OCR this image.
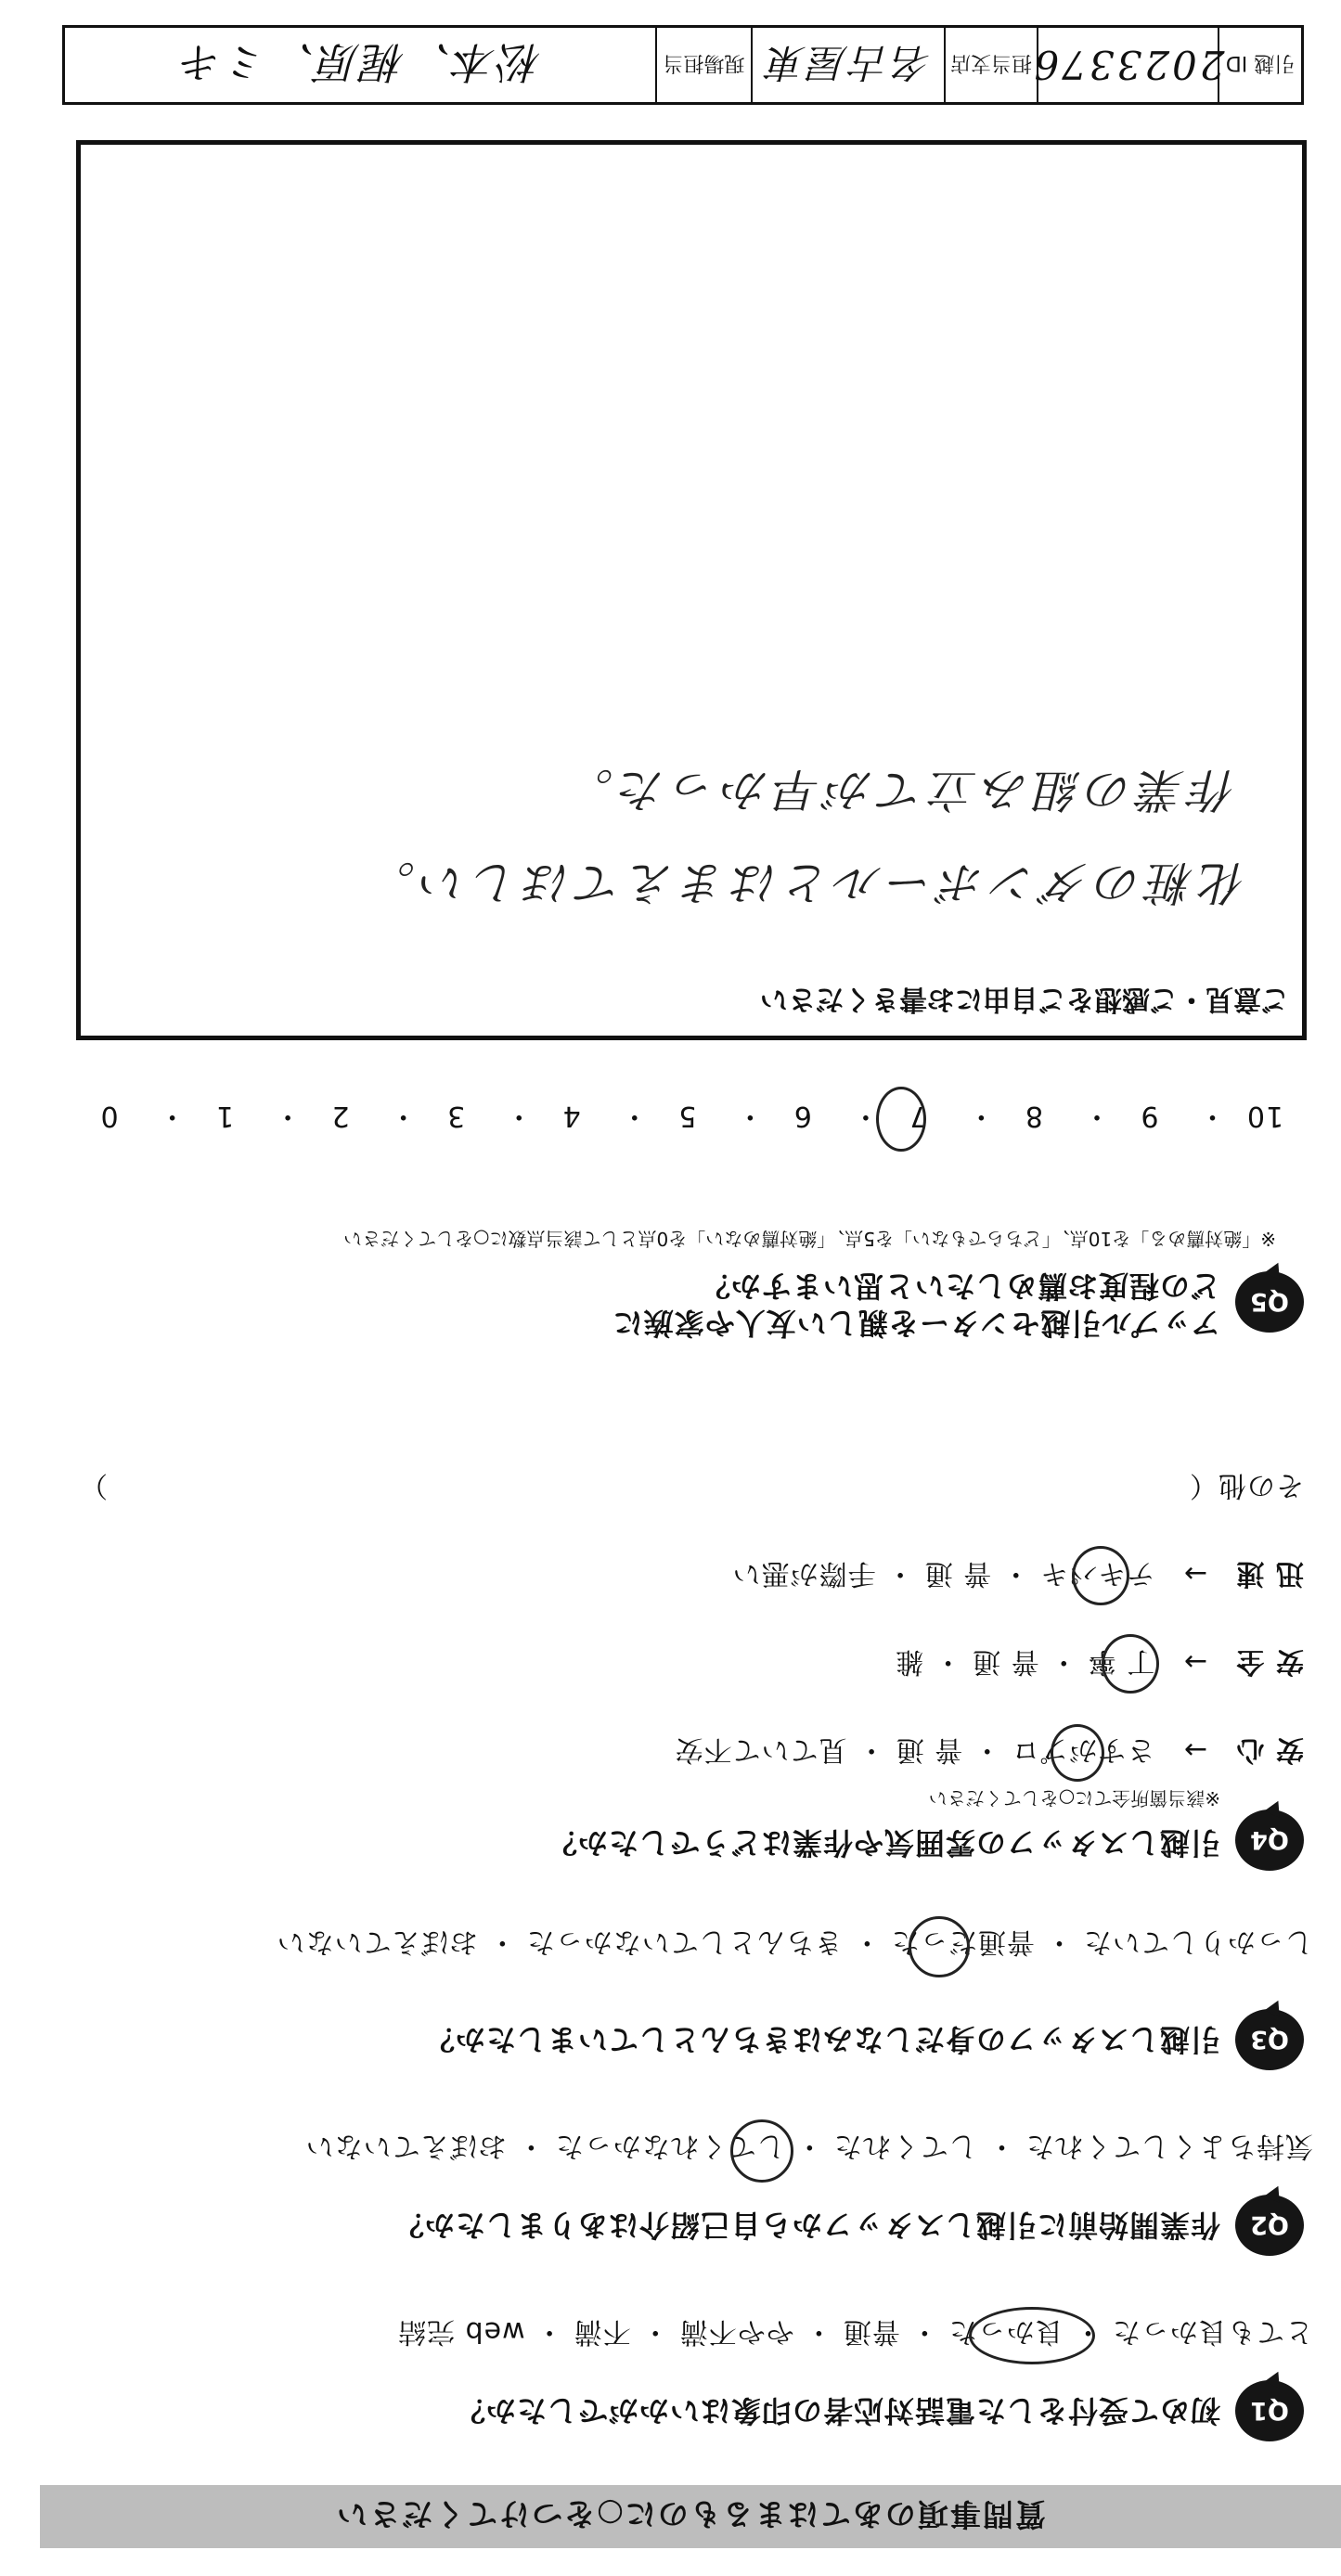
質問事項のあてはまるものに○をつけてください
Q1
初めて受付をした電話対応者の印象はいかがでしたか？
とても良かった ・ 良かった ・ 普通 ・ やや不満 ・ 不満 ・ web 完結
Q2
作業開始前に引越しスタッフから自己紹介はありましたか？
気持ちよくしてくれた ・ してくれた ・ してくれなかった ・ おぼえていない
Q3
引越しスタッフの身だしなみはきちんとしていましたか？
しっかりしていた ・ 普通だった ・ きちんとしていなかった ・ おぼえていない
Q4
引越しスタッフの雰囲気や作業はどうでしたか？
※該当箇所全てに○をしてください
安 心 → さすがプロ ・ 普 通 ・ 見ていて不安
安 全 → 丁 寧 ・ 普 通 ・ 雑
迅 速 → テキパキ ・ 普 通 ・ 手際が悪い
その他（
）
Q5
アップル引越センターを親しい友人や家族に
どの程度お薦めしたいと思いますか？
※「絶対薦める」を10点、「どちらでもない」を5点、「絶対薦めない」を0点として該当点数に○をしてください
10・ 9・ 8・ 7・ 6・ 5・ 4・ 3・ 2・ 1・ 0
ご意見・ご感想をご自由にお書きください
化粧のダンボールとはまえてほしい。
作業の組み立てが早かった。
引越 ID
2023376
担当支店
名古屋東
現場担当
松本、梶原、ミキ
